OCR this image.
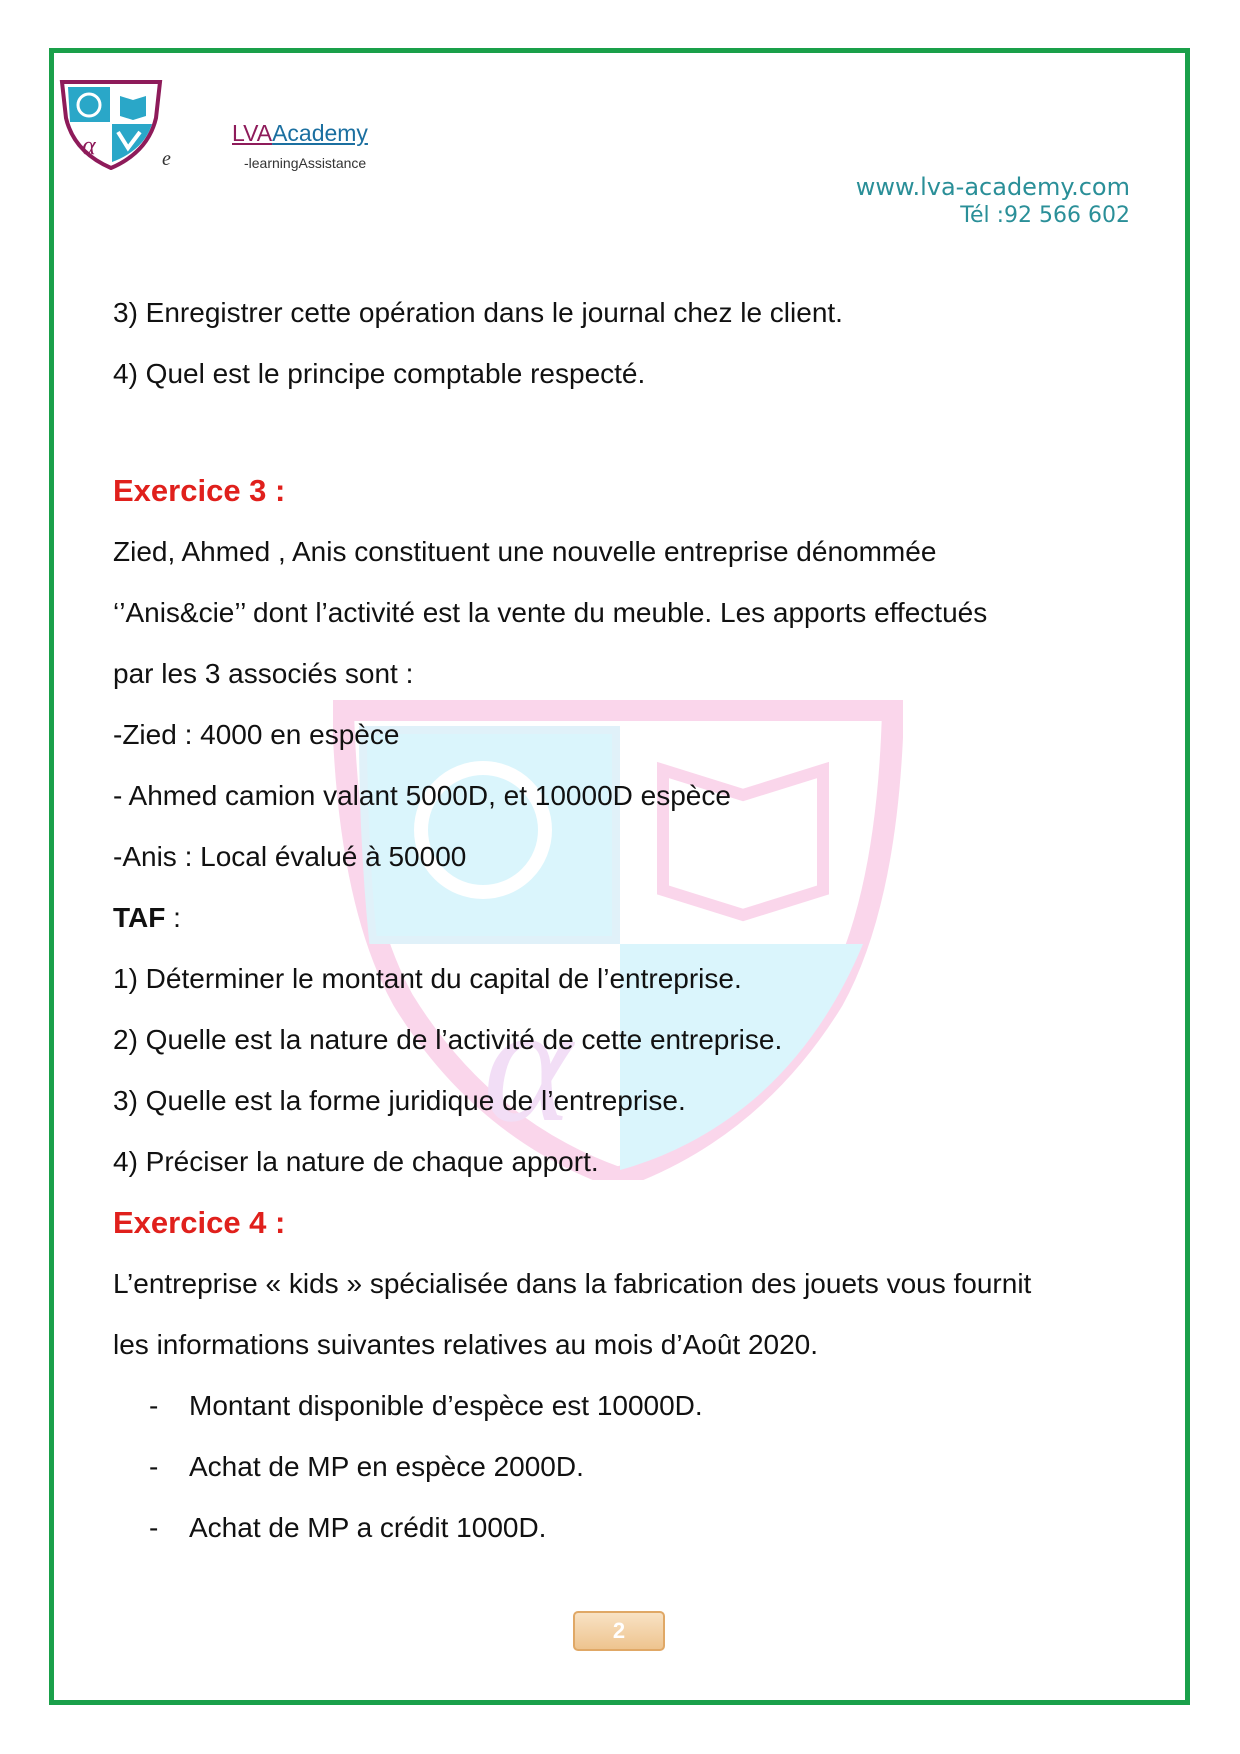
α	e
LVAAcademy
-learningAssistance
www.lva-academy.com
Tél :92 566 602
α

3) Enregistrer cette opération dans le journal chez le client.

4) Quel est le principe comptable respecté.

Exercice 3 :

Zied, Ahmed , Anis constituent une nouvelle entreprise dénommée

‘’Anis&cie’’ dont l’activité est la vente du meuble. Les apports effectués

par les 3 associés sont :

-Zied : 4000 en espèce

- Ahmed camion valant 5000D, et 10000D espèce

-Anis : Local évalué à 50000

TAF :

1) Déterminer le montant du capital de l’entreprise.

2) Quelle est la nature de l’activité de cette entreprise.

3) Quelle est la forme juridique de l’entreprise.

4) Préciser la nature de chaque apport.

Exercice 4 :

L’entreprise « kids » spécialisée dans la fabrication des jouets vous fournit

les informations suivantes relatives au mois d’Août 2020.

- Montant disponible d’espèce est 10000D.

- Achat de MP en espèce 2000D.

- Achat de MP a crédit 1000D.

2
